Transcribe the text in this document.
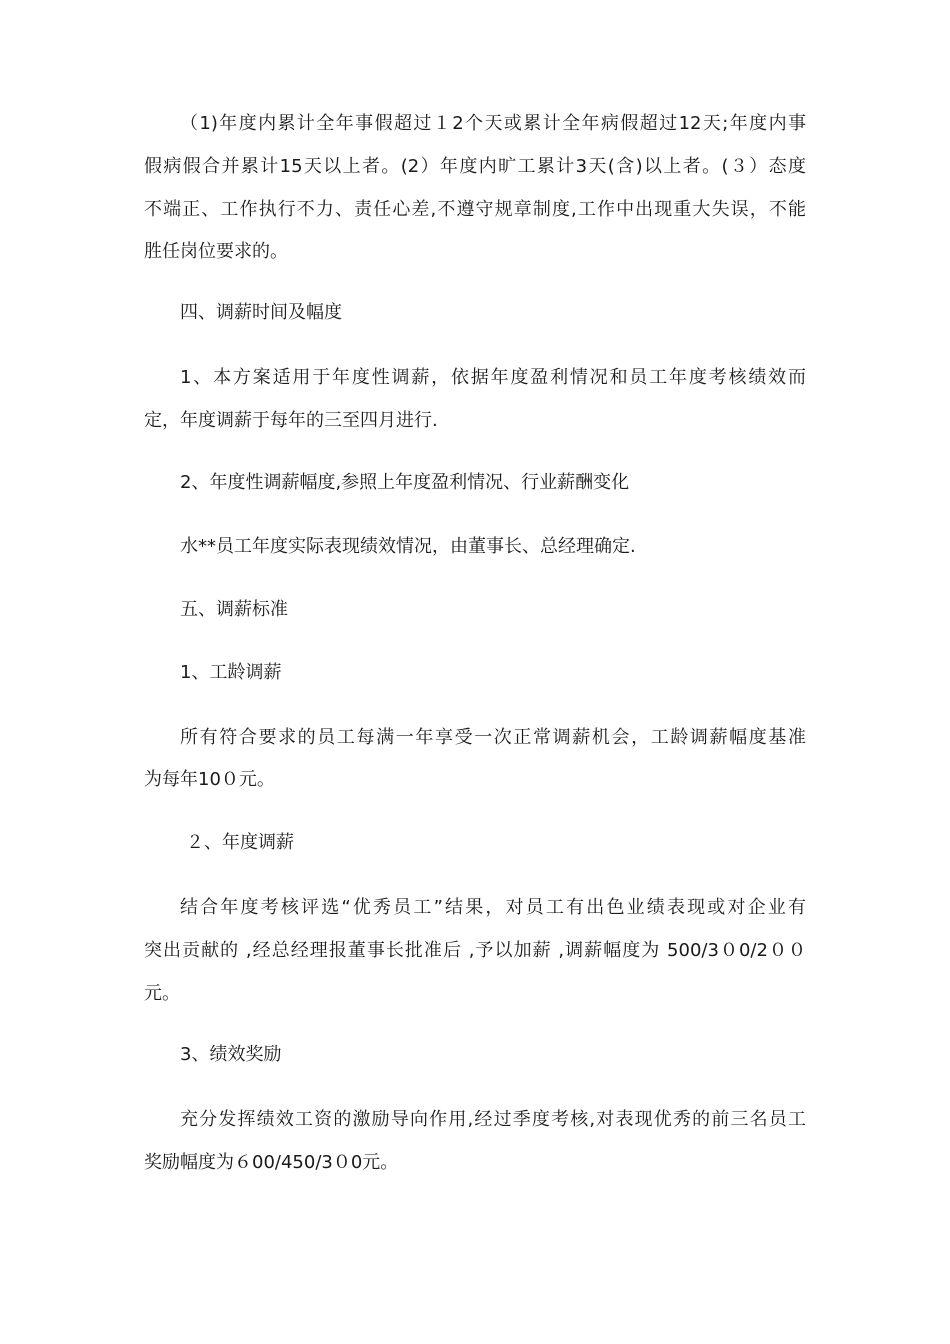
（1)年度内累计全年事假超过１2个天或累计全年病假超过12天;年度内事
假病假合并累计15天以上者。(2）年度内旷工累计3天(含)以上者。(３）态度
不端正、工作执行不力、责任心差,不遵守规章制度,工作中出现重大失误，不能
胜任岗位要求的。
四、调薪时间及幅度
1、本方案适用于年度性调薪，依据年度盈利情况和员工年度考核绩效而
定，年度调薪于每年的三至四月进行.
2、年度性调薪幅度,参照上年度盈利情况、行业薪酬变化
水**员工年度实际表现绩效情况，由董事长、总经理确定.
五、调薪标准
1、工龄调薪
所有符合要求的员工每满一年享受一次正常调薪机会，工龄调薪幅度基准
为每年10０元。
２、年度调薪
结合年度考核评选“优秀员工”结果，对员工有出色业绩表现或对企业有
突出贡献的 ,经总经理报董事长批准后 ,予以加薪 ,调薪幅度为 500/3０0/2００
元。
3、绩效奖励
充分发挥绩效工资的激励导向作用,经过季度考核,对表现优秀的前三名员工
奖励幅度为６00/450/3０0元。
